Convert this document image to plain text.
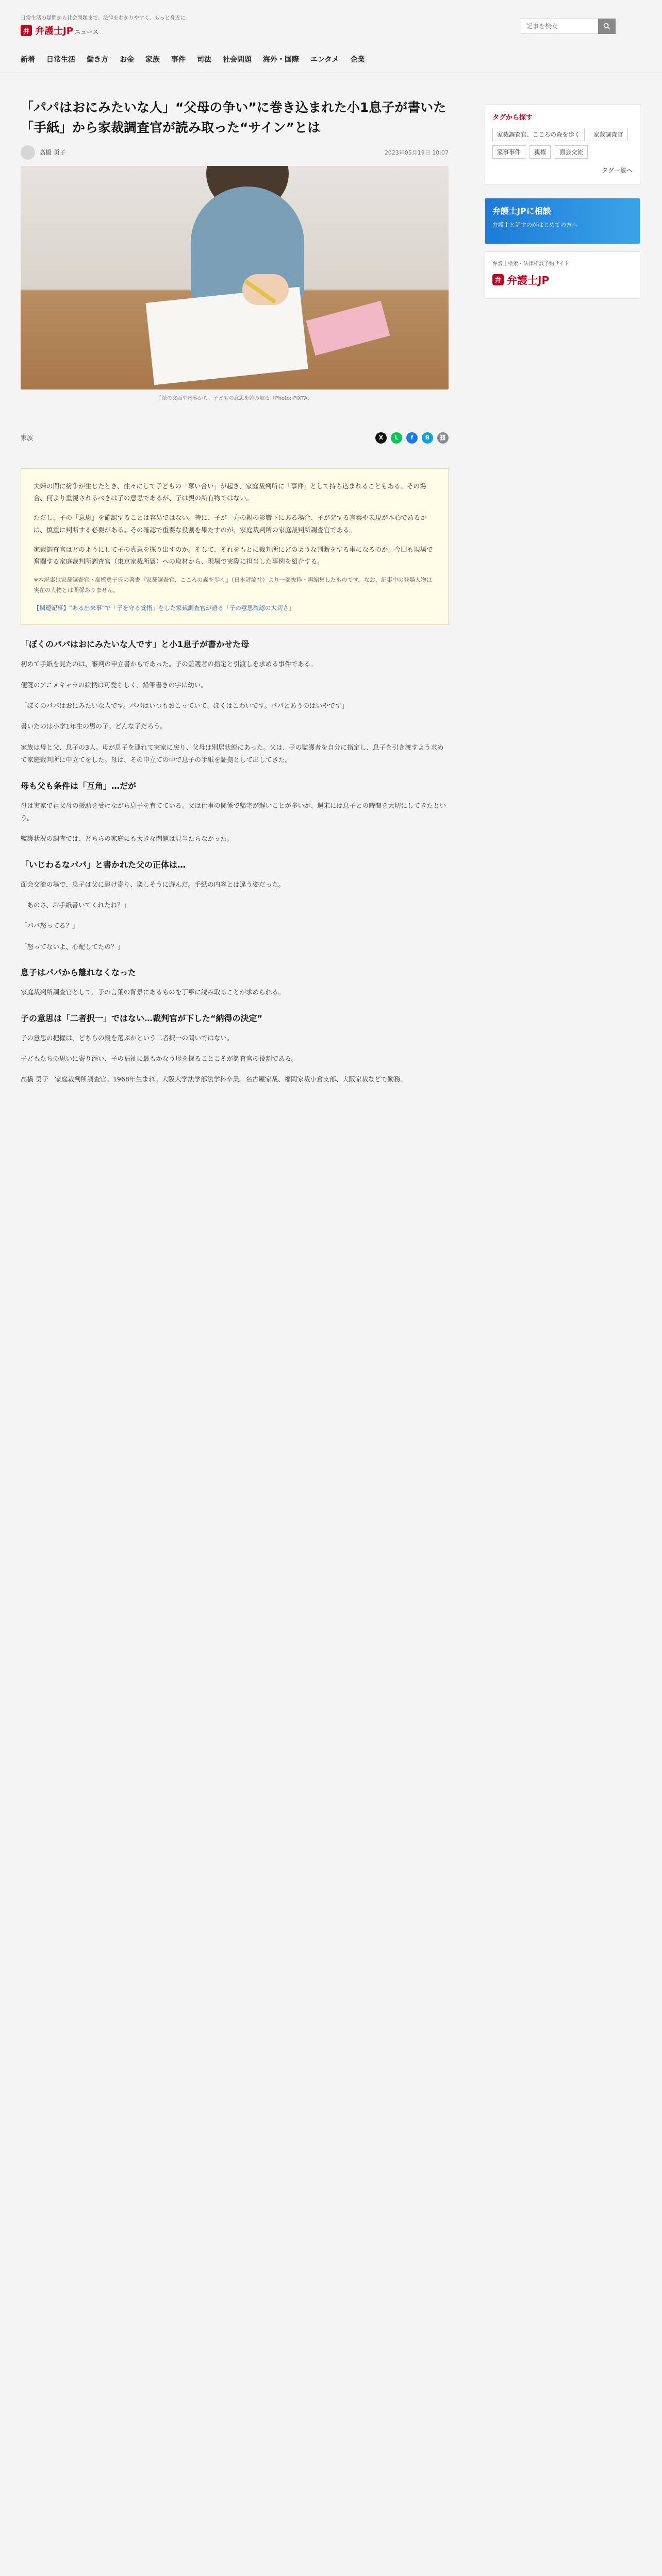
日常生活の疑問から社会問題まで、法律をわかりやすく、もっと身近に。
弁 弁護士JP ニュース
記事を検索
新着 日常生活 働き方 お金 家族 事件 司法 社会問題 海外・国際 エンタメ 企業
「パパはおにみたいな人」“父母の争い”に巻き込まれた小1息子が書いた「手紙」から家裁調査官が読み取った“サイン”とは
高橋 勇子	2023年05月19日 10:07
手紙の文面や内容から、子どもの意思を読み取る（Photo: PIXTA）
家族	X	L	f	B	⛓

夫婦の間に紛争が生じたとき、往々にして子どもの「奪い合い」が起き、家庭裁判所に「事件」として持ち込まれることもある。その場合、何より重視されるべきは子の意思であるが、子は親の所有物ではない。

ただし、子の「意思」を確認することは容易ではない。特に、子が一方の親の影響下にある場合、子が発する言葉や表現が本心であるかは、慎重に判断する必要がある。その確認で重要な役割を果たすのが、家庭裁判所の家庭裁判所調査官である。

家裁調査官はどのようにして子の真意を探り出すのか。そして、それをもとに裁判所にどのような判断をする事になるのか。今回も現場で奮闘する家庭裁判所調査官（東京家裁所属）への取材から、現場で実際に担当した事例を紹介する。

※本記事は家裁調査官・高橋勇子氏の著書『家裁調査官、こころの森を歩く』（日本評論社）より一部抜粋・再編集したものです。なお、記事中の登場人物は実在の人物とは関係ありません。

【関連記事】“ある出来事”で「子を守る覚悟」をした家裁調査官が語る「子の意思確認の大切さ」

「ぼくのパパはおにみたいな人です」と小1息子が書かせた母

初めて手紙を見たのは、審判の申立書からであった。子の監護者の指定と引渡しを求める事件である。

便箋のアニメキャラの絵柄は可愛らしく、鉛筆書きの字は幼い。

「ぼくのパパはおにみたいな人です。パパはいつもおこっていて、ぼくはこわいです。パパとあうのはいやです」

書いたのは小学1年生の男の子。どんな子だろう。

家族は母と父、息子の3人。母が息子を連れて実家に戻り、父母は別居状態にあった。父は、子の監護者を自分に指定し、息子を引き渡すよう求めて家庭裁判所に申立てをした。母は、その申立ての中で息子の手紙を証拠として出してきた。

母も父も条件は「互角」…だが

母は実家で祖父母の援助を受けながら息子を育てている。父は仕事の関係で帰宅が遅いことが多いが、週末には息子との時間を大切にしてきたという。

監護状況の調査では、どちらの家庭にも大きな問題は見当たらなかった。

「いじわるなパパ」と書かれた父の正体は…

面会交流の場で、息子は父に駆け寄り、楽しそうに遊んだ。手紙の内容とは違う姿だった。

「あのさ、お手紙書いてくれたね？」

「パパ怒ってる？」

「怒ってないよ、心配してたの？」

息子はパパから離れなくなった

家庭裁判所調査官として、子の言葉の背景にあるものを丁寧に読み取ることが求められる。

子の意思は「二者択一」ではない…裁判官が下した“納得の決定”

子の意思の把握は、どちらの親を選ぶかという二者択一の問いではない。

子どもたちの思いに寄り添い、子の福祉に最もかなう形を探ることこそが調査官の役割である。

高橋 勇子　家庭裁判所調査官。1968年生まれ。大阪大学法学部法学科卒業。名古屋家裁、福岡家裁小倉支部、大阪家裁などで勤務。
タグから探す
家裁調査官、こころの森を歩く	家裁調査官
家事事件	親権	面会交流
タグ一覧へ
弁護士JPに相談
弁護士と話すのがはじめての方へ
弁護士検索・法律相談予約サイト
弁 弁護士JP
